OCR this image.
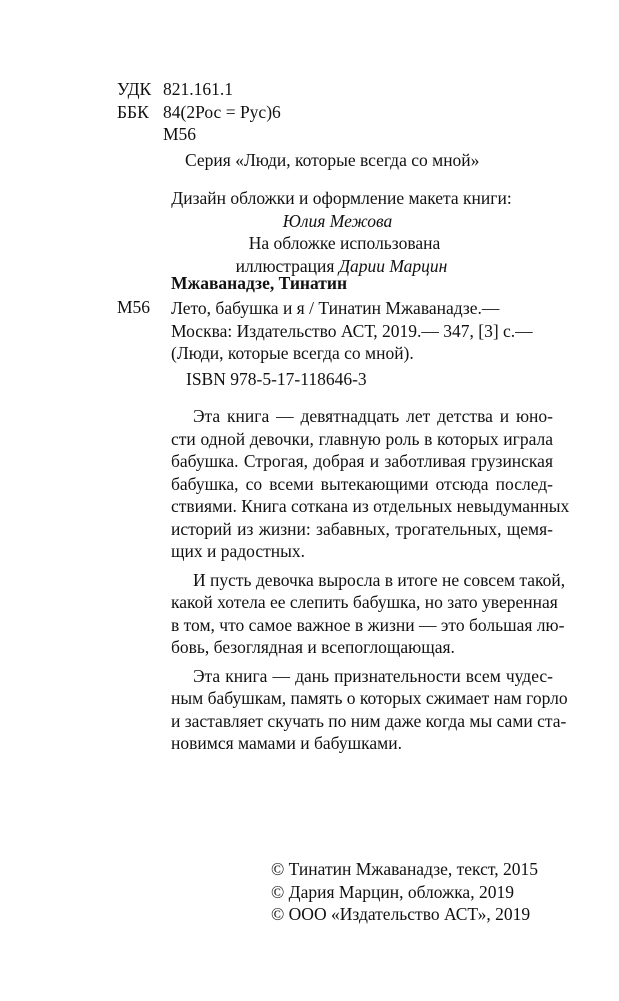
УДК 821.161.1
ББК 84(2Рос = Рус)6
М56
Серия «Люди, которые всегда со мной»
Дизайн обложки и оформление макета книги:
Юлия Межова
На обложке использована
иллюстрация Дарии Марцин
Мжаванадзе, Тинатин
М56 Лето, бабушка и я / Тинатин Мжаванадзе.—
Москва: Издательство АСТ, 2019.— 347, [3] с.—
(Люди, которые всегда со мной).
ISBN 978-5-17-118646-3
Эта книга — девятнадцать лет детства и юно-
сти одной девочки, главную роль в которых играла
бабушка. Строгая, добрая и заботливая грузинская
бабушка, со всеми вытекающими отсюда послед-
ствиями. Книга соткана из отдельных невыдуманных
историй из жизни: забавных, трогательных, щемя-
щих и радостных.
И пусть девочка выросла в итоге не совсем такой,
какой хотела ее слепить бабушка, но зато уверенная
в том, что самое важное в жизни — это большая лю-
бовь, безоглядная и всепоглощающая.
Эта книга — дань признательности всем чудес-
ным бабушкам, память о которых сжимает нам горло
и заставляет скучать по ним даже когда мы сами ста-
новимся мамами и бабушками.
© Тинатин Мжаванадзе, текст, 2015
© Дария Марцин, обложка, 2019
© ООО «Издательство АСТ», 2019
